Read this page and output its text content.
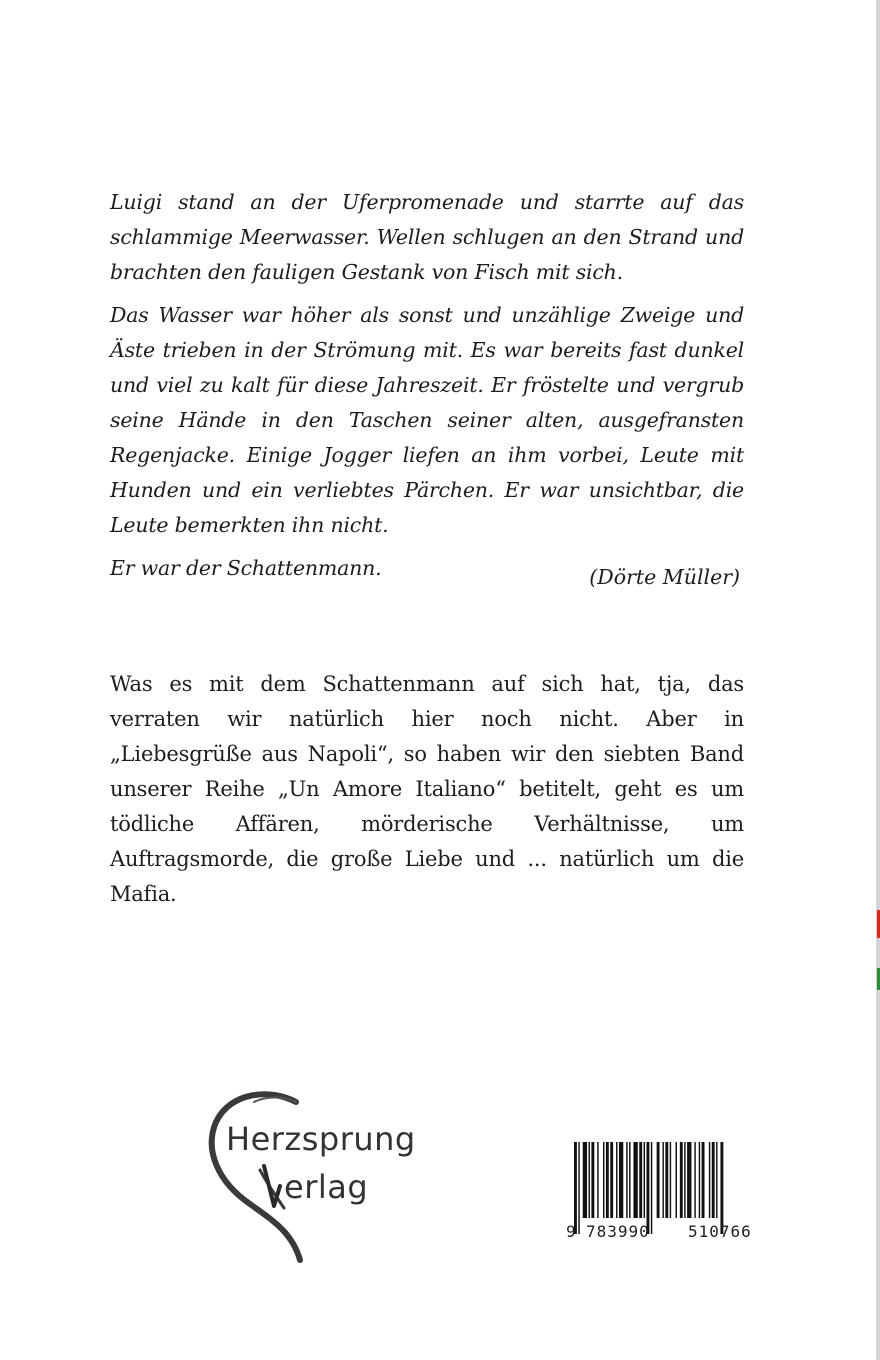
Luigi stand an der Uferpromenade und starrte auf das schlammige Meerwasser. Wellen schlugen an den Strand und brachten den fauligen Gestank von Fisch mit sich.

Das Wasser war höher als sonst und unzählige Zweige und Äste trieben in der Strömung mit. Es war bereits fast dunkel und viel zu kalt für diese Jahreszeit. Er fröstelte und vergrub seine Hände in den Taschen seiner alten, ausgefransten Regenjacke. Einige Jogger liefen an ihm vorbei, Leute mit Hunden und ein verliebtes Pärchen. Er war unsichtbar, die Leute bemerkten ihn nicht.

Er war der Schattenmann.	(Dörte Müller)
Was es mit dem Schattenmann auf sich hat, tja, das verraten wir natürlich hier noch nicht. Aber in „Liebesgrüße aus Napoli“, so haben wir den siebten Band unserer Reihe „Un Amore Italiano“ betitelt, geht es um tödliche Affären, mörderische Verhältnisse, um Auftragsmorde, die große Liebe und ... natürlich um die Mafia.
Herzsprung
erlag
9 783990 510766
